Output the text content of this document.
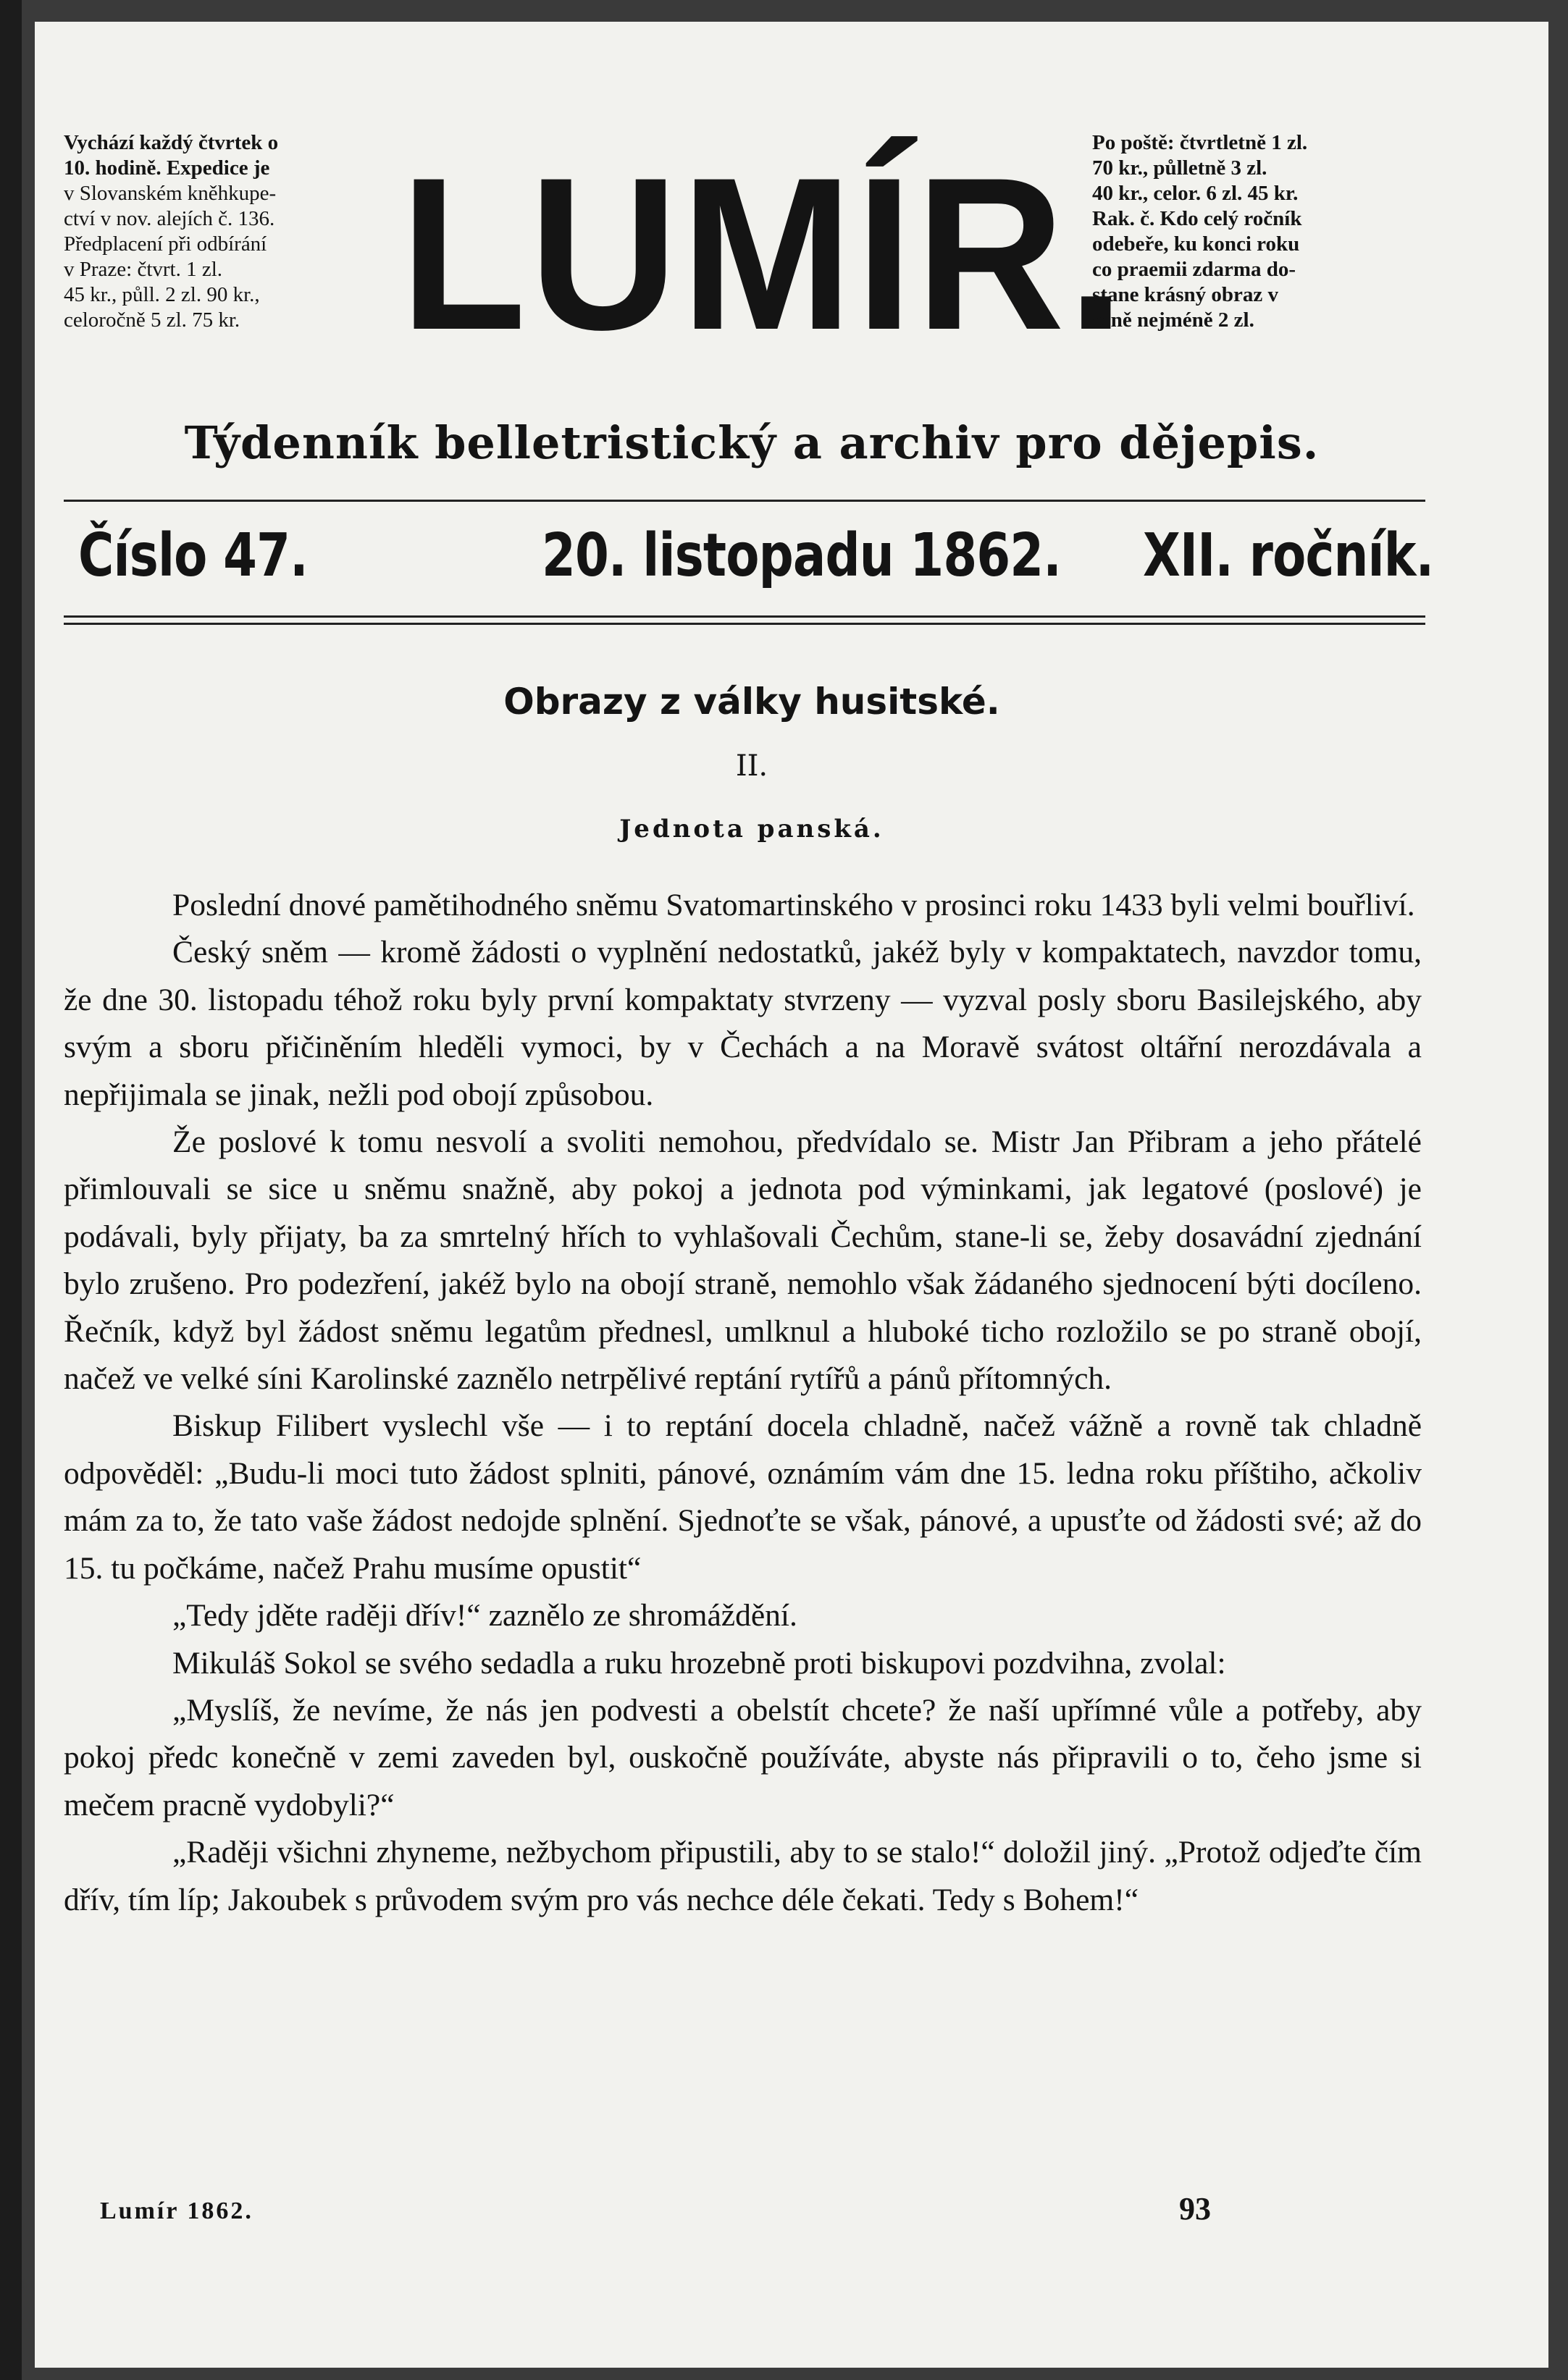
Vychází každý čtvrtek o
10. hodině. Expedice je
v Slovanském kněhkupe-
ctví v nov. alejích č. 136.
Předplacení při odbírání
v Praze: čtvrt. 1 zl.
45 kr., půll. 2 zl. 90 kr.,
celoročně 5 zl. 75 kr. LUMÍR.
Po poště: čtvrtletně 1 zl.
70 kr., půlletně 3 zl.
40 kr., celor. 6 zl. 45 kr.
Rak. č. Kdo celý ročník
odebeře, ku konci roku
co praemii zdarma do-
stane krásný obraz v
ceně nejméně 2 zl.
Týdenník belletristický a archiv pro dějepis.
Číslo 47.	20. listopadu 1862. XII. ročník.
Obrazy z války husitské.
II.
Jednota panská.

Poslední dnové pamětihodného sněmu Svatomartinského v prosinci roku 1433 byli velmi bouřliví.

Český sněm — kromě žádosti o vyplnění nedostatků, jakéž byly v kompaktatech, navzdor tomu, že dne 30. listopadu téhož roku byly první kompaktaty stvrzeny — vyzval posly sboru Basilejského, aby svým a sboru přičiněním hleděli vymoci, by v Čechách a na Moravě svátost oltářní nerozdávala a nepřijimala se jinak, nežli pod obojí způsobou.

Že poslové k tomu nesvolí a svoliti nemohou, předvídalo se. Mistr Jan Přibram a jeho přátelé přimlouvali se sice u sněmu snažně, aby pokoj a jednota pod výminkami, jak legatové (poslové) je podávali, byly přijaty, ba za smrtelný hřích to vyhlašovali Čechům, stane-li se, žeby dosavádní zjednání bylo zrušeno. Pro podezření, jakéž bylo na obojí straně, nemohlo však žádaného sjednocení býti docíleno. Řečník, když byl žádost sněmu legatům přednesl, umlknul a hluboké ticho rozložilo se po straně obojí, načež ve velké síni Karolinské zaznělo netrpělivé reptání rytířů a pánů přítomných.

Biskup Filibert vyslechl vše — i to reptání docela chladně, načež vážně a rovně tak chladně odpověděl: „Budu-li moci tuto žádost splniti, pánové, oznámím vám dne 15. ledna roku příštiho, ačkoliv mám za to, že tato vaše žádost nedojde splnění. Sjednoťte se však, pánové, a upusťte od žádosti své; až do 15. tu počkáme, načež Prahu musíme opustit“

„Tedy jděte raději dřív!“ zaznělo ze shromáždění.

Mikuláš Sokol se svého sedadla a ruku hrozebně proti biskupovi pozdvihna, zvolal:

„Myslíš, že nevíme, že nás jen podvesti a obelstít chcete? že naší upřímné vůle a potřeby, aby pokoj předc konečně v zemi zaveden byl, ouskočně používáte, abyste nás připravili o to, čeho jsme si mečem pracně vydobyli?“

„Raději všichni zhyneme, nežbychom připustili, aby to se stalo!“ doložil jiný. „Protož odjeďte čím dřív, tím líp; Jakoubek s průvodem svým pro vás nechce déle čekati. Tedy s Bohem!“

Lumír 1862.	93
